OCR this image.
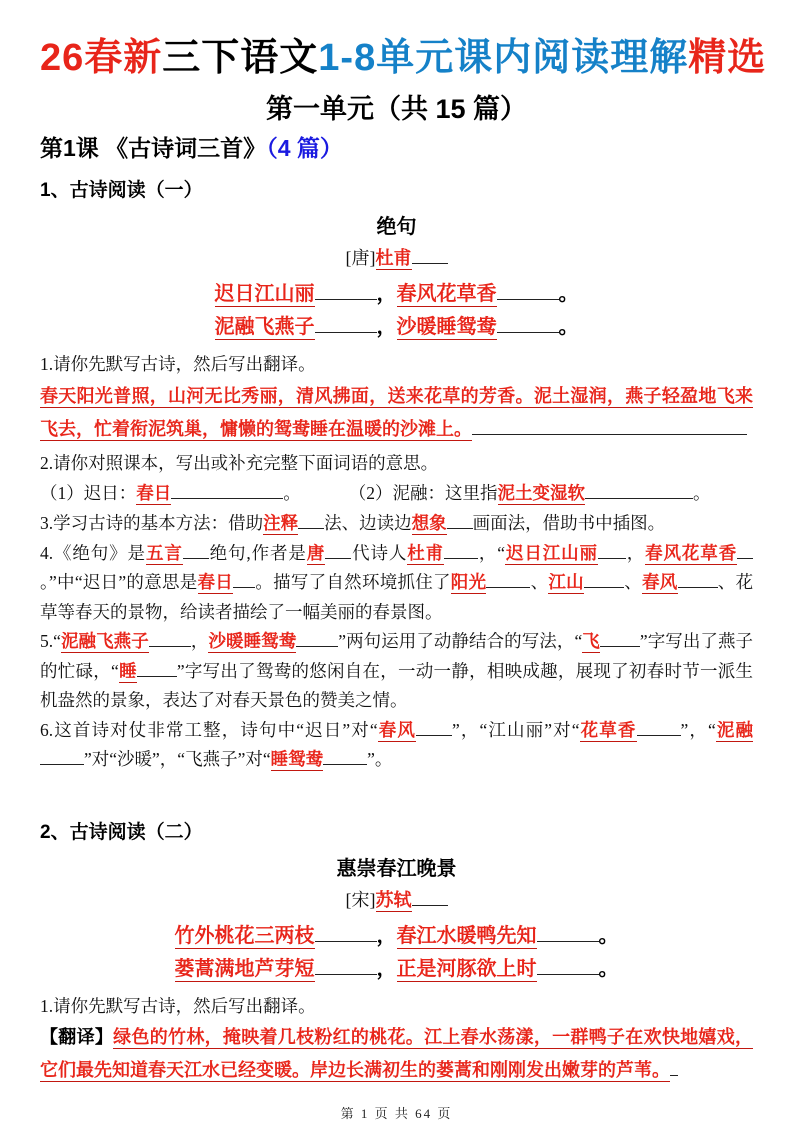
26春新三下语文1-8单元课内阅读理解精选
第一单元（共 15 篇）
第1课 《古诗词三首》（4 篇）
1、古诗阅读（一）
绝句
[唐]杜甫
迟日江山丽	，春风花草香	。
泥融飞燕子	，沙暖睡鸳鸯	。

1.请你先默写古诗，然后写出翻译。

春天阳光普照，山河无比秀丽，清风拂面，送来花草的芳香。泥土湿润，燕子轻盈地飞来飞去，忙着衔泥筑巢，慵懒的鸳鸯睡在温暖的沙滩上。

2.请你对照课本，写出或补充完整下面词语的意思。

（1）迟日：春日	。	（2）泥融：这里指泥土变湿软	。

3.学习古诗的基本方法：借助注释 法、边读边想象 画面法，借助书中插图。

4.《绝句》是五言 绝句,作者是唐 代诗人杜甫 ，“迟日江山丽 ，春风花草香。”中“迟日”的意思是春日 。描写了自然环境抓住了阳光	、江山 、春风 、花草等春天的景物，给读者描绘了一幅美丽的春景图。

5.“泥融飞燕子 ，沙暖睡鸳鸯 ”两句运用了动静结合的写法，“飞 ”字写出了燕子的忙碌，“睡 ”字写出了鸳鸯的悠闲自在，一动一静，相映成趣，展现了初春时节一派生机盎然的景象，表达了对春天景色的赞美之情。

6.这首诗对仗非常工整，诗句中“迟日”对“春风 ”，“江山丽”对“花草香	”，“泥融”对“沙暖”，“飞燕子”对“睡鸳鸯	”。

2、古诗阅读（二）
惠崇春江晚景
[宋]苏轼
竹外桃花三两枝	，春江水暖鸭先知	。
蒌蒿满地芦芽短	，正是河豚欲上时	。

1.请你先默写古诗，然后写出翻译。

【翻译】绿色的竹林，掩映着几枝粉红的桃花。江上春水荡漾，一群鸭子在欢快地嬉戏，它们最先知道春天江水已经变暖。岸边长满初生的蒌蒿和刚刚发出嫩芽的芦苇。
第 1 页 共 64 页
